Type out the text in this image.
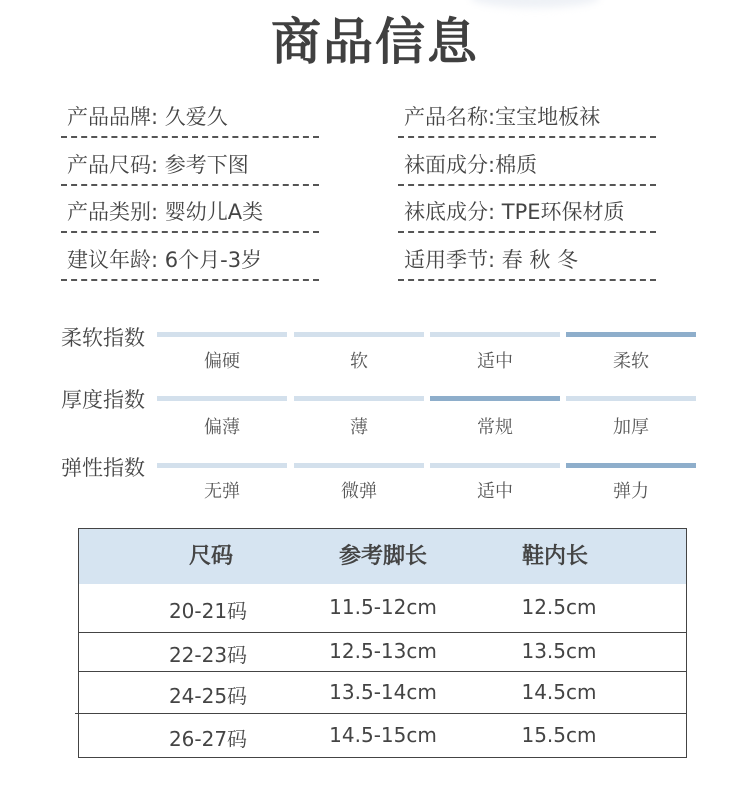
商品信息
产品品牌: 久爱久
产品尺码: 参考下图
产品类别: 婴幼儿A类
建议年龄: 6个月-3岁
产品名称:宝宝地板袜
袜面成分:棉质
袜底成分: TPE环保材质
适用季节: 春 秋 冬
柔软指数
偏硬	软	适中	柔软
厚度指数
偏薄	薄	常规	加厚
弹性指数
无弹	微弹	适中	弹力
尺码	参考脚长	鞋内长
20-21码	11.5-12cm	12.5cm
22-23码	12.5-13cm	13.5cm
24-25码	13.5-14cm	14.5cm
26-27码	14.5-15cm	15.5cm
